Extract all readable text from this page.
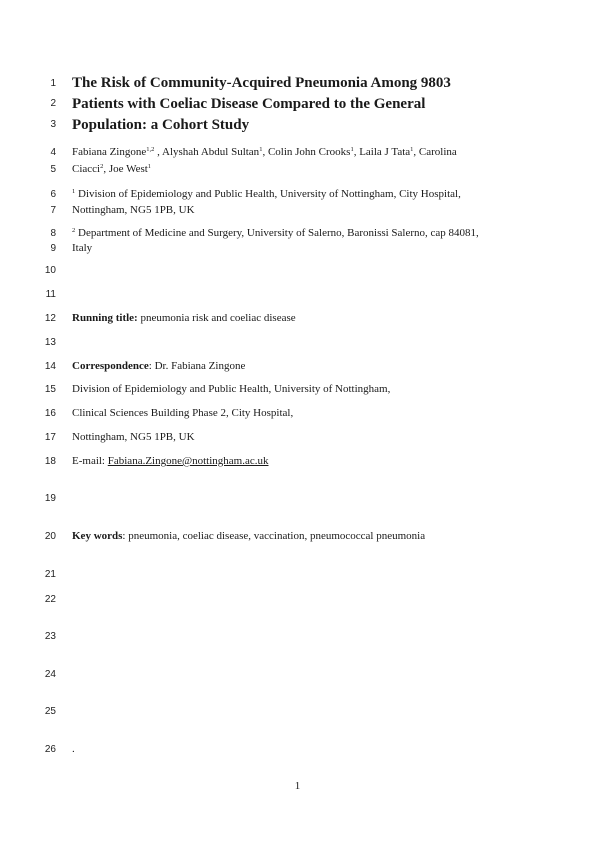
1
2
3
4
5
6
7
8
9
10
11
12
13
14
15
16
17
18
19
20
21
22
23
24
25
26
The Risk of Community-Acquired Pneumonia Among 9803
Patients with Coeliac Disease Compared to the General
Population: a Cohort Study
Fabiana Zingone$^{1,2}$ , Alyshah Abdul Sultan$^1$, Colin John Crooks$^1$, Laila J Tata$^1$, Carolina
Ciacci$^2$, Joe West$^1$
$^1$ Division of Epidemiology and Public Health, University of Nottingham, City Hospital,
Nottingham, NG5 1PB, UK
$^2$ Department of Medicine and Surgery, University of Salerno, Baronissi Salerno, cap 84081,
Italy
Running title: pneumonia risk and coeliac disease
Correspondence: Dr. Fabiana Zingone
Division of Epidemiology and Public Health, University of Nottingham,
Clinical Sciences Building Phase 2, City Hospital,
Nottingham, NG5 1PB, UK
E-mail: Fabiana.Zingone@nottingham.ac.uk
Key words: pneumonia, coeliac disease, vaccination, pneumococcal pneumonia
.
1
